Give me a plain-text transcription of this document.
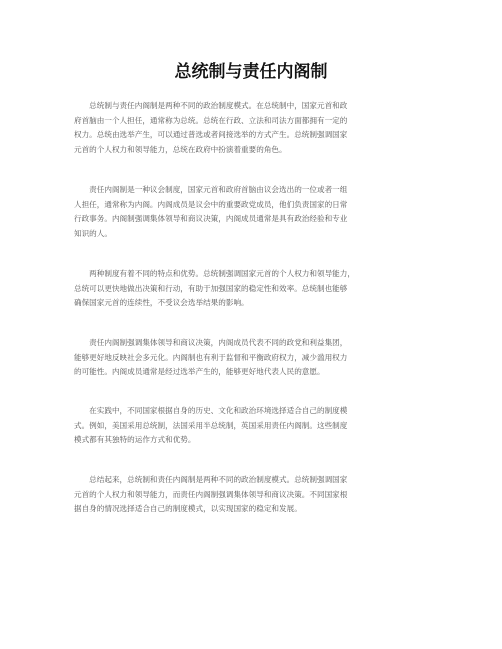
总统制与责任内阁制
　　总统制与责任内阁制是两种不同的政治制度模式。在总统制中，国家元首和政
府首脑由一个人担任，通常称为总统。总统在行政、立法和司法方面都拥有一定的
权力。总统由选举产生，可以通过普选或者间接选举的方式产生。总统制强调国家
元首的个人权力和领导能力，总统在政府中扮演着重要的角色。
　　责任内阁制是一种议会制度，国家元首和政府首脑由议会选出的一位或者一组
人担任，通常称为内阁。内阁成员是议会中的重要政党成员，他们负责国家的日常
行政事务。内阁制强调集体领导和商议决策，内阁成员通常是具有政治经验和专业
知识的人。
　　两种制度有着不同的特点和优势。总统制强调国家元首的个人权力和领导能力，
总统可以更快地做出决策和行动，有助于加强国家的稳定性和效率。总统制也能够
确保国家元首的连续性，不受议会选举结果的影响。
　　责任内阁制强调集体领导和商议决策，内阁成员代表不同的政党和利益集团，
能够更好地反映社会多元化。内阁制也有利于监督和平衡政府权力，减少滥用权力
的可能性。内阁成员通常是经过选举产生的，能够更好地代表人民的意愿。
　　在实践中，不同国家根据自身的历史、文化和政治环境选择适合自己的制度模
式。例如，美国采用总统制，法国采用半总统制，英国采用责任内阁制。这些制度
模式都有其独特的运作方式和优势。
　　总结起来，总统制和责任内阁制是两种不同的政治制度模式。总统制强调国家
元首的个人权力和领导能力，而责任内阁制强调集体领导和商议决策。不同国家根
据自身的情况选择适合自己的制度模式，以实现国家的稳定和发展。
